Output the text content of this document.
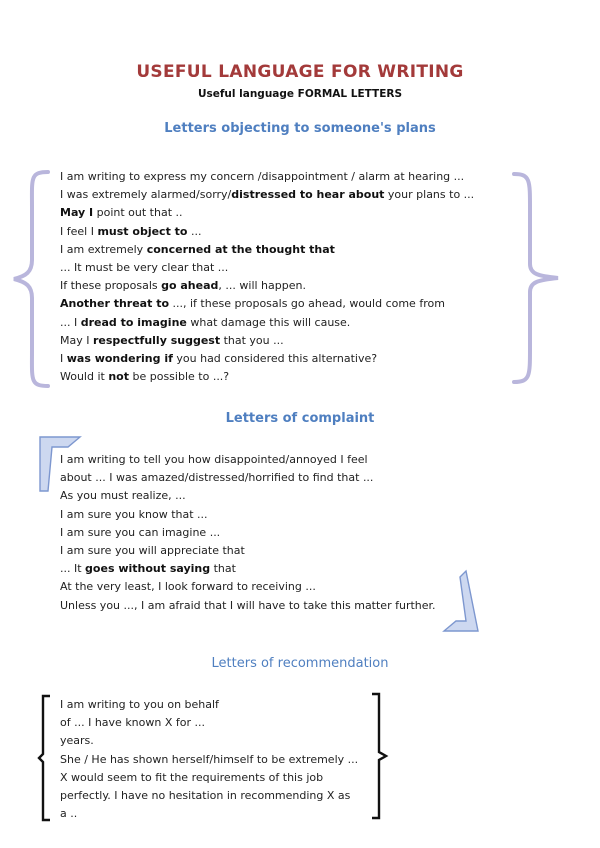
USEFUL LANGUAGE FOR WRITING
Useful language FORMAL LETTERS
Letters objecting to someone's plans
I am writing to express my concern /disappointment / alarm at hearing ...
I was extremely alarmed/sorry/distressed to hear about your plans to ...
May I point out that ..
I feel I must object to ...
I am extremely concerned at the thought that
... It must be very clear that ...
If these proposals go ahead, ... will happen.
Another threat to ..., if these proposals go ahead, would come from
... I dread to imagine what damage this will cause.
May I respectfully suggest that you ...
I was wondering if you had considered this alternative?
Would it not be possible to ...?
Letters of complaint
I am writing to tell you how disappointed/annoyed I feel
about ... I was amazed/distressed/horrified to find that ...
As you must realize, ...
I am sure you know that ...
I am sure you can imagine ...
I am sure you will appreciate that
... It goes without saying that
At the very least, I look forward to receiving ...
Unless you ..., I am afraid that I will have to take this matter further.
Letters of recommendation
I am writing to you on behalf
of ... I have known X for ...
years.
She / He has shown herself/himself to be extremely ...
X would seem to fit the requirements of this job
perfectly. I have no hesitation in recommending X as
a ..
